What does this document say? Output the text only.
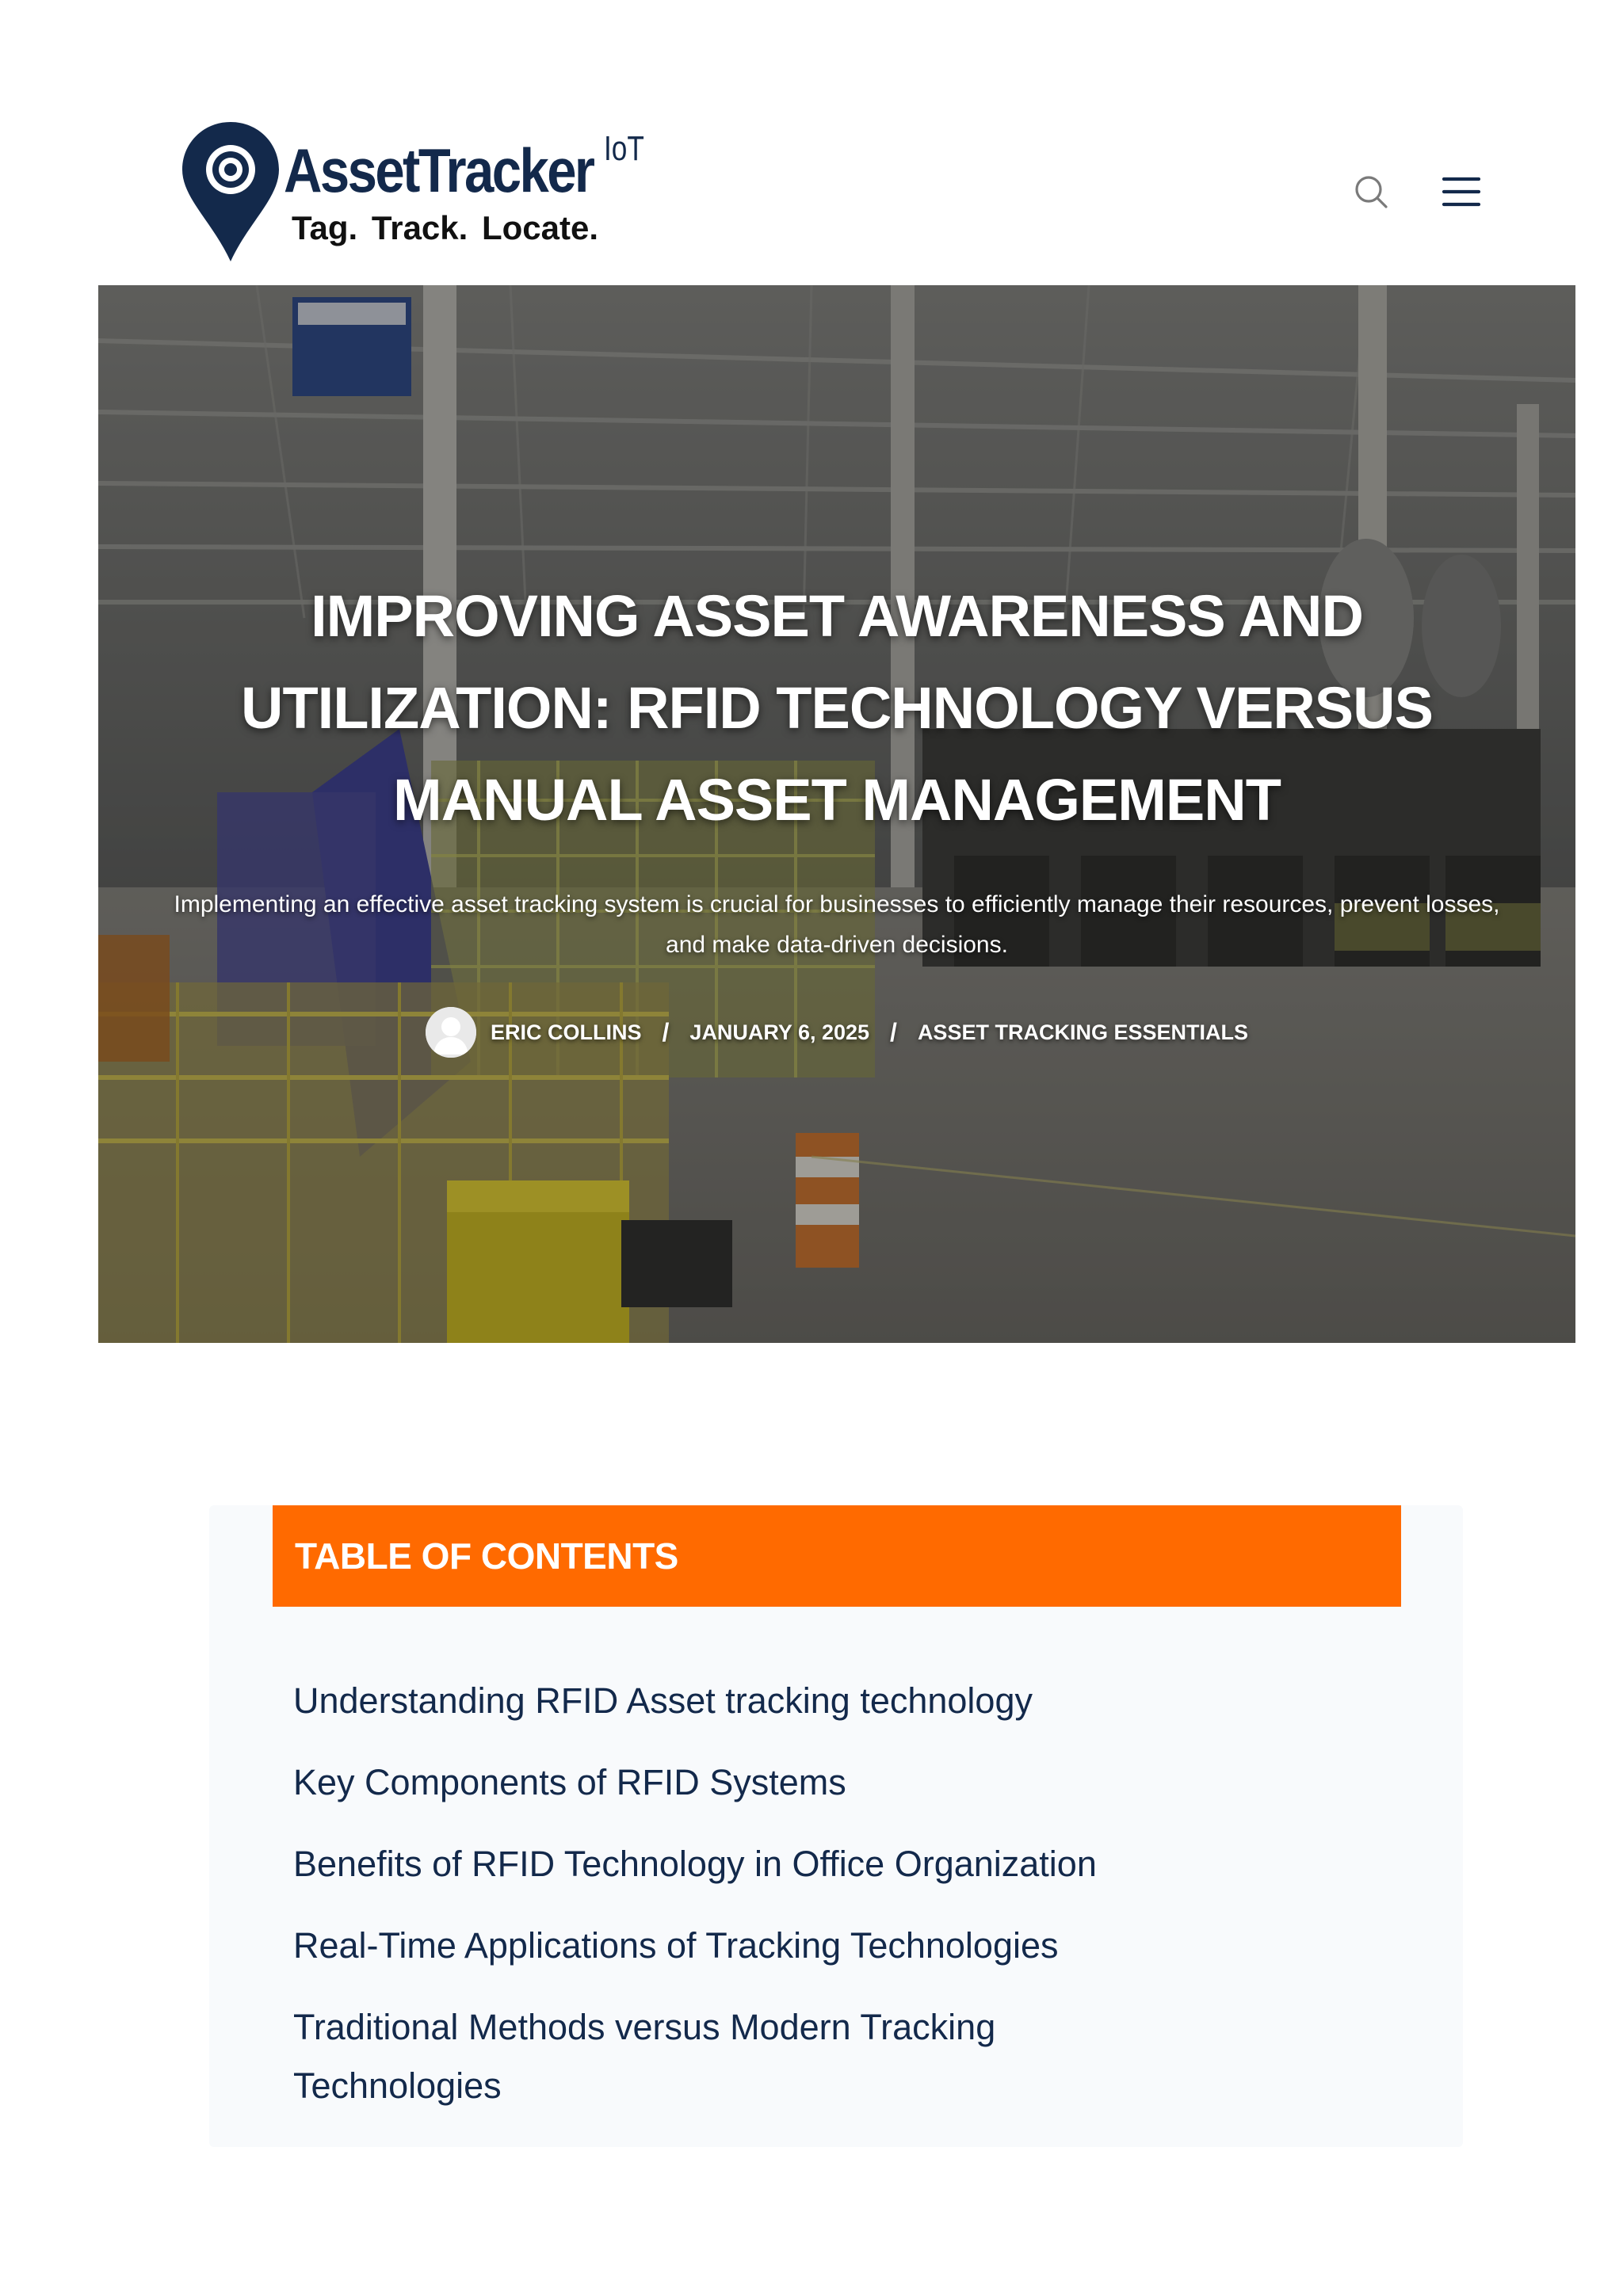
AssetTracker IoT
Tag. Track. Locate.
IMPROVING ASSET AWARENESS AND UTILIZATION: RFID TECHNOLOGY VERSUS MANUAL ASSET MANAGEMENT

Implementing an effective asset tracking system is crucial for businesses to efficiently manage their resources, prevent losses, and make data-driven decisions.

ERIC COLLINS / JANUARY 6, 2025 / ASSET TRACKING ESSENTIALS
TABLE OF CONTENTS
Understanding RFID Asset tracking technology
Key Components of RFID Systems
Benefits of RFID Technology in Office Organization
Real-Time Applications of Tracking Technologies
Traditional Methods versus Modern Tracking Technologies
